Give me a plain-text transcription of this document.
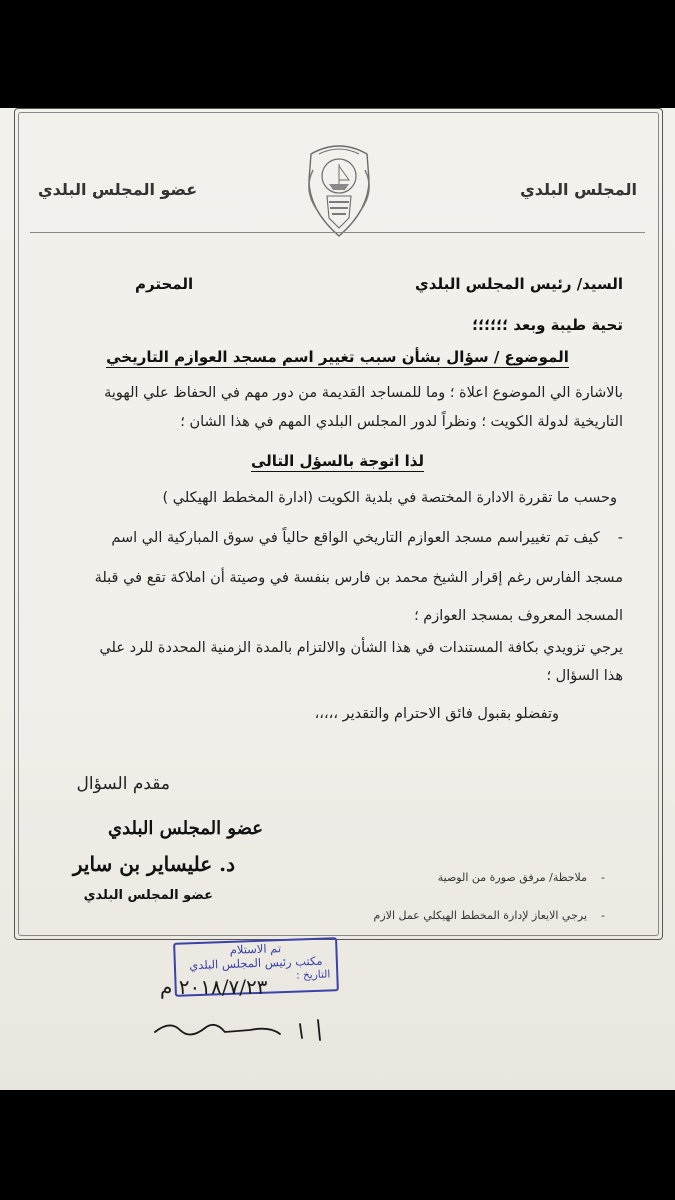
المجلس البلدي
عضو المجلس البلدي
السيد/ رئيس المجلس البلدي
المحترم
تحية طيبة وبعد ؛؛؛؛؛؛
الموضوع / سؤال بشأن سبب تغيير اسم مسجد العوازم التاريخي
بالاشارة الي الموضوع اعلاة ؛ وما للمساجد القديمة من دور مهم في الحفاظ علي الهوية
التاريخية لدولة الكويت ؛ ونظراً لدور المجلس البلدي المهم في هذا الشان ؛
لذا اتوجة بالسؤل التالى
وحسب ما تقررة الادارة المختصة في بلدية الكويت (ادارة المخطط الهيكلي )
-كيف تم تغييراسم مسجد العوازم التاريخي الواقع حالياً في سوق المباركية الي اسم
مسجد الفارس رغم إقرار الشيخ محمد بن فارس بنفسة في وصيتة أن املاكة تقع في قبلة
المسجد المعروف بمسجد العوازم ؛
يرجي تزويدي بكافة المستندات في هذا الشأن والالتزام بالمدة الزمنية المحددة للرد علي
هذا السؤال ؛
وتفضلو بقبول فائق الاحترام والتقدير ،،،،،
مقدم السؤال
عضو المجلس البلدي
د. عليساير بن ساير
عضو المجلس البلدي
-ملاحظة/ مرفق صورة من الوصية
-يرجي الايعاز لإدارة المخطط الهيكلي عمل الازم
تم الاستلام
مكتب رئيس المجلس البلدي
التاريخ :
٢٠١٨/٧/٢٣ م
